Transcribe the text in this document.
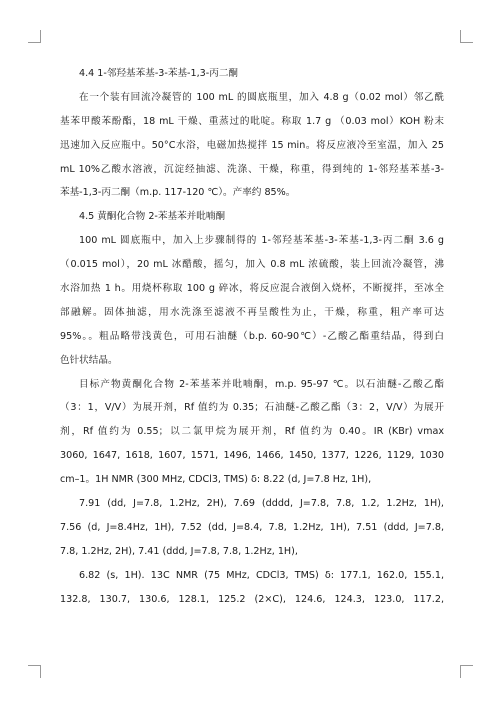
4.4 1-邻羟基苯基-3-苯基-1,3-丙二酮
在一个装有回流冷凝管的 100 mL 的圆底瓶里，加入 4.8 g（0.02 mol）邻乙酰
基苯甲酸苯酚酯，18 mL 干燥、重蒸过的吡啶。称取 1.7 g （0.03 mol）KOH 粉末
迅速加入反应瓶中。50°C水浴，电磁加热搅拌 15 min。将反应液冷至室温，加入 25
mL 10%乙酸水溶液，沉淀经抽滤、洗涤、干燥，称重，得到纯的 1-邻羟基苯基-3-
苯基-1,3-丙二酮（m.p. 117-120 ℃）。产率约 85%。
4.5 黄酮化合物 2-苯基苯并吡喃酮
100 mL 圆底瓶中，加入上步骤制得的 1-邻羟基苯基-3-苯基-1,3-丙二酮 3.6 g
（0.015 mol），20 mL 冰醋酸，摇匀，加入 0.8 mL 浓硫酸，装上回流冷凝管，沸
水浴加热 1 h。用烧杯称取 100 g 碎冰，将反应混合液倒入烧杯，不断搅拌，至冰全
部融解。固体抽滤，用水洗涤至滤液不再呈酸性为止，干燥，称重，粗产率可达
95%。。粗品略带浅黄色，可用石油醚（b.p. 60-90℃）-乙酸乙酯重结晶，得到白
色针状结晶。
目标产物黄酮化合物 2-苯基苯并吡喃酮，m.p. 95-97 ℃。以石油醚-乙酸乙酯
（3：1，V/V）为展开剂，Rf 值约为 0.35；石油醚-乙酸乙酯（3：2，V/V）为展开
剂，Rf 值约为 0.55；以二氯甲烷为展开剂，Rf 值约为 0.40。IR (KBr) vmax
3060, 1647, 1618, 1607, 1571, 1496, 1466, 1450, 1377, 1226, 1129, 1030
cm–1。1H NMR (300 MHz, CDCl3, TMS) δ: 8.22 (d, J=7.8 Hz, 1H),
7.91 (dd, J=7.8, 1.2Hz, 2H), 7.69 (dddd, J=7.8, 7.8, 1.2, 1.2Hz, 1H),
7.56 (d, J=8.4Hz, 1H), 7.52 (dd, J=8.4, 7.8, 1.2Hz, 1H), 7.51 (ddd, J=7.8,
7.8, 1.2Hz, 2H), 7.41 (ddd, J=7.8, 7.8, 1.2Hz, 1H),
6.82 (s, 1H). 13C NMR (75 MHz, CDCl3, TMS) δ: 177.1, 162.0, 155.1,
132.8, 130.7, 130.6, 128.1, 125.2 (2×C), 124.6, 124.3, 123.0, 117.2,
